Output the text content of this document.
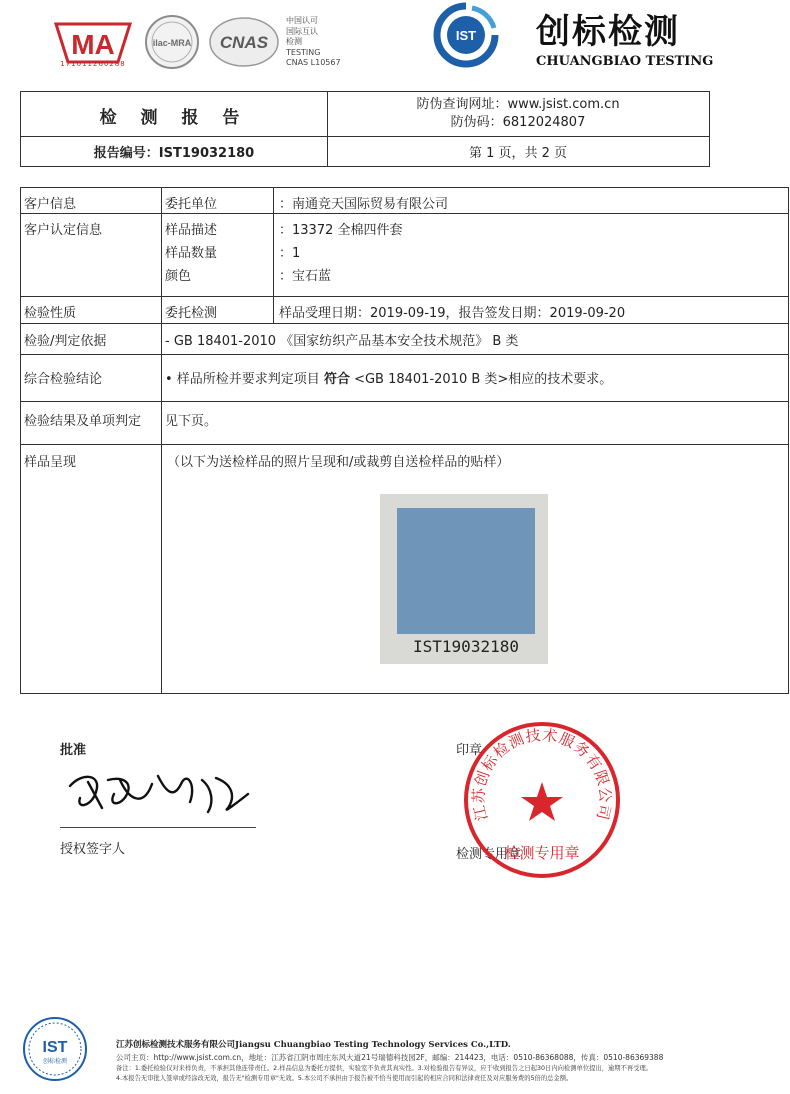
MA
171011260288
ilac-MRA CNAS
中国认可
国际互认
检测
TESTING
CNAS L10567
IST 创标检测
CHUANGBIAO TESTING
检 测 报 告
防伪查询网址：www.jsist.com.cn
防伪码：6812024807
报告编号：IST19032180	第 1 页，共 2 页
客户信息	委托单位	：南通竞天国际贸易有限公司
客户认定信息	样品描述	：13372 全棉四件套
样品数量	：1
颜色	：宝石蓝
检验性质	委托检测	样品受理日期：2019-09-19，报告签发日期：2019-09-20
检验/判定依据	- GB 18401-2010 《国家纺织产品基本安全技术规范》 B 类
综合检验结论	• 样品所检并要求判定项目 符合 <GB 18401-2010 B 类>相应的技术要求。
检验结果及单项判定 见下页。
样品呈现	（以下为送检样品的照片呈现和/或裁剪自送检样品的贴样）
IST19032180
批准
授权签字人
印章
检测专用章
江苏创标检测技术服务有限公司
检测专用章
IST
创标检测
江苏创标检测技术服务有限公司Jiangsu Chuangbiao Testing Technology Services Co.,LTD.
公司主页：http://www.jsist.com.cn，地址：江苏省江阴市周庄东风大道21号瑞德科技园2F，邮编：214423，电话：0510-86368088，传真：0510-86369388
备注：1.委托检验仅对来样负责，不承担其他连带责任。2.样品信息为委托方提供，实验室不负责其真实性。3.对检验报告有异议，应于收到报告之日起30日内向检测单位提出，逾期不再受理。
4.本报告无审批人签章或经涂改无效，报告无"检测专用章"无效。5.本公司不承担由于报告被不恰当使用而引起的相应合同和法律责任及对应服务费的5倍的总金额。
